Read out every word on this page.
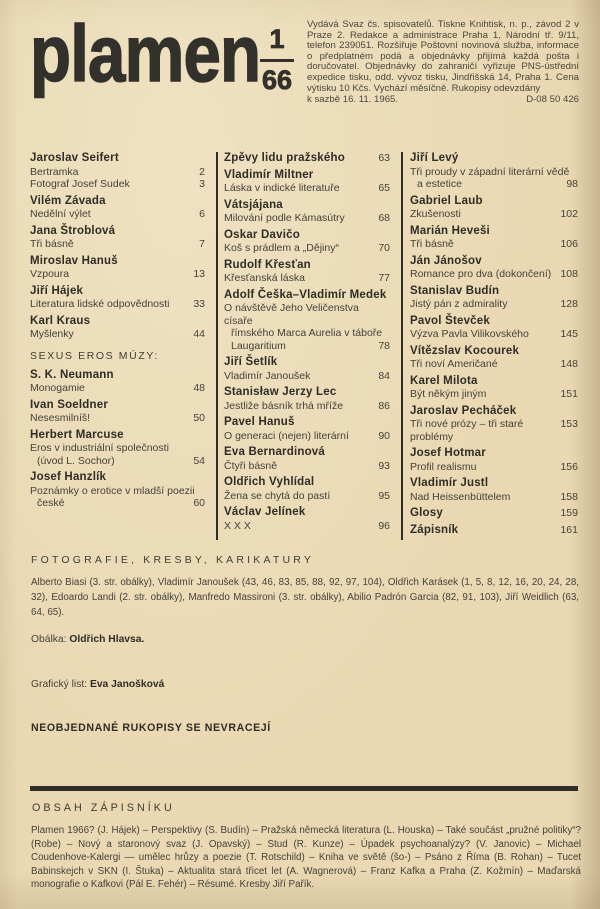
plamen 1
66
Vydává Svaz čs. spisovatelů. Tiskne Knihtisk, n. p., závod 2 v Praze 2. Redakce a administrace Praha 1, Národní tř. 9/11, telefon 239051. Rozšiřuje Poštovní novinová služba, informace o předplatném podá a objednávky přijímá každá pošta i doručovatel. Objednávky do zahraničí vyřizuje PNS-ústřední expedice tisku, odd. vývoz tisku, Jindřišská 14, Praha 1. Cena výtisku 10 Kčs. Vychází měsíčně. Rukopisy odevzdány
k sazbě 16. 11. 1965.	D-08 50 426
Jaroslav Seifert
Bertramka	2
Fotograf Josef Sudek	3
Vilém Závada
Nedělní výlet	6
Jana Štroblová
Tři básně	7
Miroslav Hanuš
Vzpoura	13
Jiří Hájek
Literatura lidské odpovědnosti	33
Karl Kraus
Myšlenky	44
SEXUS EROS MÚZY:
S. K. Neumann
Monogamie	48
Ivan Soeldner
Nesesmilníš!	50
Herbert Marcuse
Eros v industriální společnosti
(úvod L. Sochor)	54
Josef Hanzlík
Poznámky o erotice v mladší poezii
české	60
Zpěvy lidu pražského	63
Vladimír Miltner
Láska v indické literatuře	65
Vátsjájana
Milování podle Kámasútry	68
Oskar Davičo
Koš s prádlem a „Dějiny“	70
Rudolf Křesťan
Křesťanská láska	77
Adolf Češka–Vladimír Medek
O návštěvě Jeho Veličenstva císaře
římského Marca Aurelia v táboře
Laugaritium	78
Jiří Šetlík
Vladimír Janoušek	84
Stanisław Jerzy Lec
Jestliže básník trhá mříže	86
Pavel Hanuš
O generaci (nejen) literární	90
Eva Bernardinová
Čtyři básně	93
Oldřich Vyhlídal
Žena se chytá do pastí	95
Václav Jelínek
X X X	96
Jiří Levý
Tři proudy v západní literární vědě
a estetice	98
Gabriel Laub
Zkušenosti	102
Marián Heveši
Tři básně	106
Ján Jánošov
Romance pro dva (dokončení) 108
Stanislav Budín
Jistý pán z admirality	128
Pavol Števček
Výzva Pavla Vilikovského	145
Vítězslav Kocourek
Tři noví Američané	148
Karel Milota
Být někým jiným	151
Jaroslav Pecháček
Tři nové prózy – tři staré problémy
153
Josef Hotmar
Profil realismu	156
Vladimír Justl
Nad Heissenbüttelem	158
Glosy	159
Zápisník	161
FOTOGRAFIE, KRESBY, KARIKATURY
Alberto Biasi (3. str. obálky), Vladimír Janoušek (43, 46, 83, 85, 88, 92, 97, 104), Oldřich Karásek (1, 5, 8, 12, 16, 20, 24, 28, 32), Edoardo Landi (2. str. obálky), Manfredo Massironi (3. str. obálky), Abilio Padrón Garcia (82, 91, 103), Jiří Weidlich (63, 64, 65).
Obálka: Oldřich Hlavsa.
Grafický list: Eva Janošková
NEOBJEDNANÉ RUKOPISY SE NEVRACEJÍ
OBSAH ZÁPISNÍKU
Plamen 1966? (J. Hájek) – Perspektivy (S. Budín) – Pražská německá literatura (L. Houska) – Také součást „pružné politiky“? (Robe) – Nový a staronový svaz (J. Opavský) – Stud (R. Kunze) – Úpadek psychoanalýzy? (V. Janovic) – Michael Coudenhove-Kalergi — umělec hrůzy a poezie (T. Rotschild) – Kniha ve světě (šo-) – Psáno z Říma (B. Rohan) – Tucet Babinskejch v SKN (I. Štuka) – Aktualita stará třicet let (A. Wagnerová) – Franz Kafka a Praha (Z. Kožmín) – Maďarská monografie o Kafkovi (Pál E. Fehér) – Résumé. Kresby Jiří Pařík.
